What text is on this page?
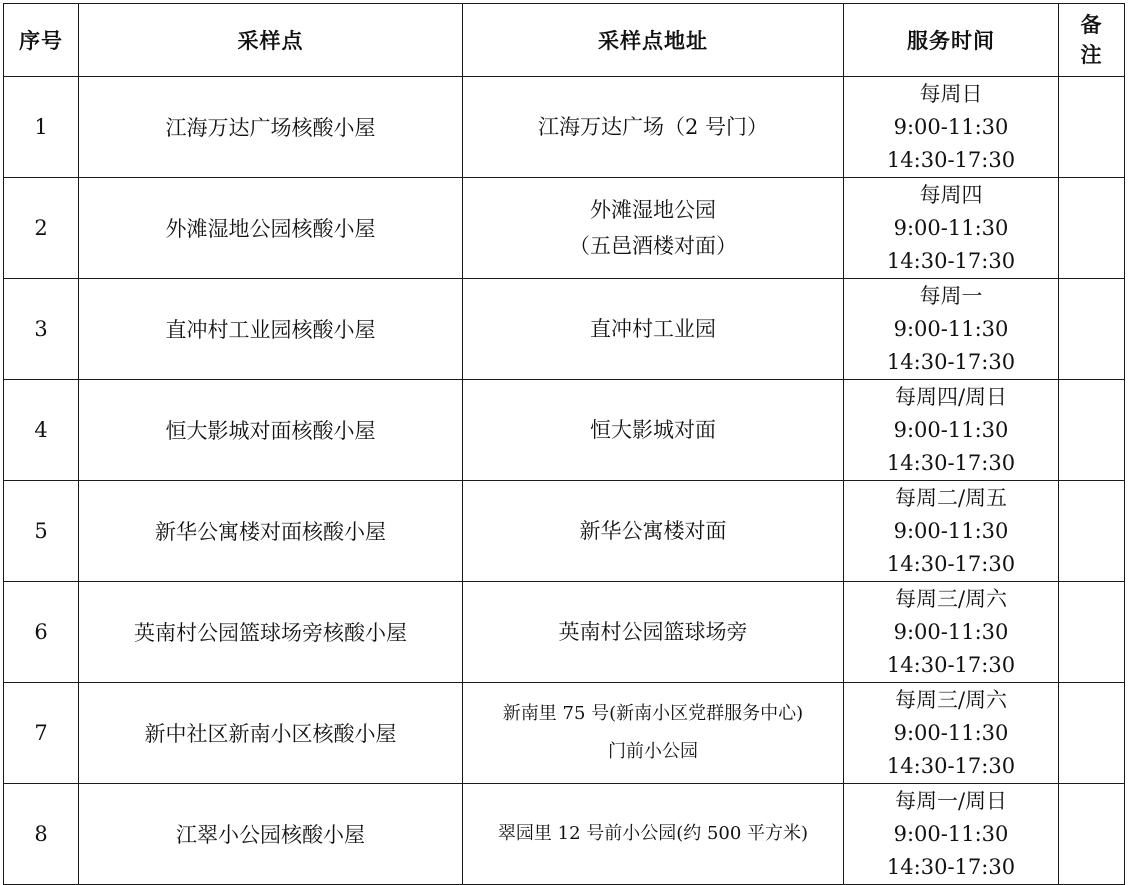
序号	采样点	采样点地址	服务时间	备
注
1	江海万达广场核酸小屋	江海万达广场（2 号门）	每周日
9:00-11:30
14:30-17:30	

2	外滩湿地公园核酸小屋	外滩湿地公园
（五邑酒楼对面）	每周四
9:00-11:30
14:30-17:30	

3	直冲村工业园核酸小屋	直冲村工业园	每周一
9:00-11:30
14:30-17:30	

4	恒大影城对面核酸小屋	恒大影城对面	每周四/周日
9:00-11:30
14:30-17:30	

5	新华公寓楼对面核酸小屋	新华公寓楼对面	每周二/周五
9:00-11:30
14:30-17:30	

6	英南村公园篮球场旁核酸小屋	英南村公园篮球场旁	每周三/周六
9:00-11:30
14:30-17:30	

7	新中社区新南小区核酸小屋	新南里 75 号(新南小区党群服务中心)
门前小公园	每周三/周六
9:00-11:30
14:30-17:30	

8	江翠小公园核酸小屋	翠园里 12 号前小公园(约 500 平方米)	每周一/周日
9:00-11:30
14:30-17:30	
